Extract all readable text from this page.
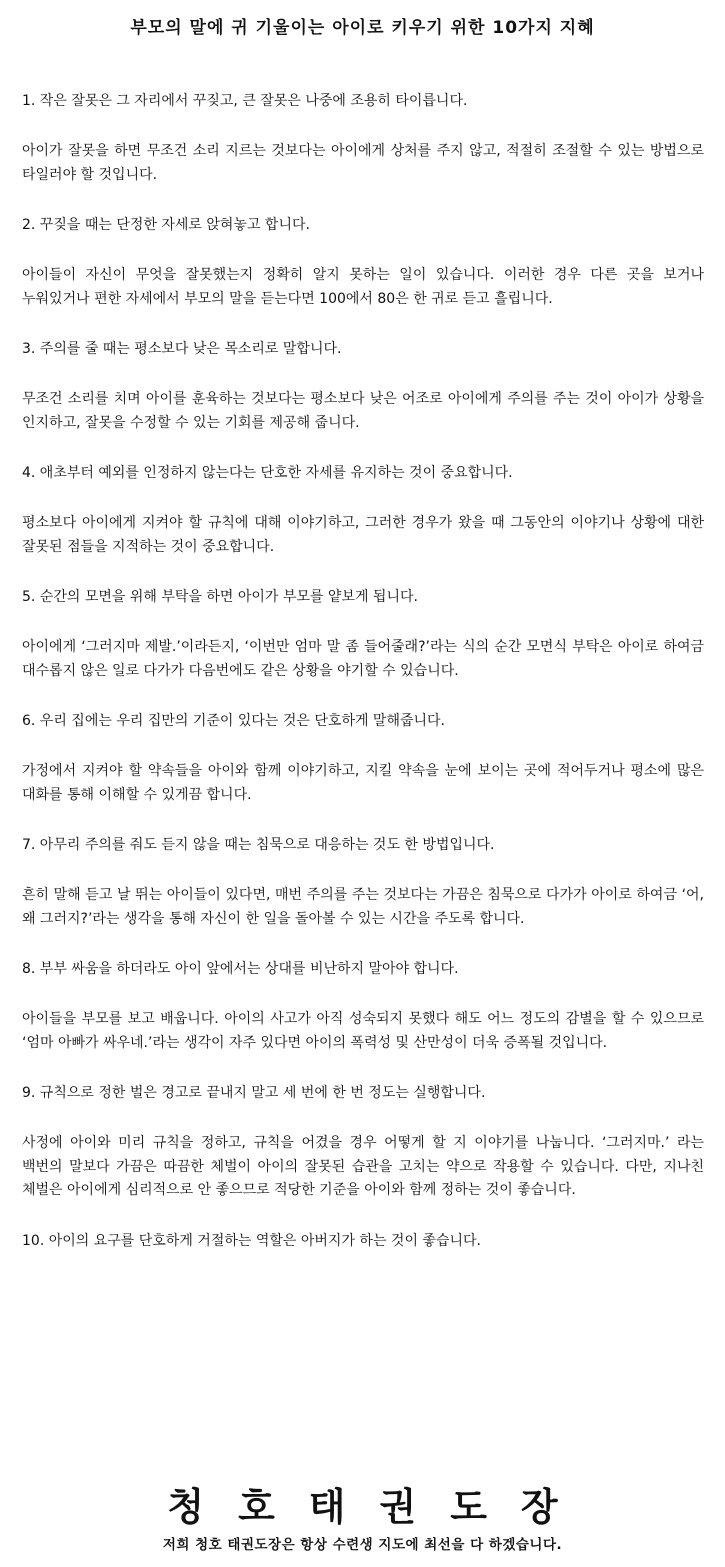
부모의 말에 귀 기울이는 아이로 키우기 위한 10가지 지혜

1. 작은 잘못은 그 자리에서 꾸짖고, 큰 잘못은 나중에 조용히 타이릅니다.

아이가 잘못을 하면 무조건 소리 지르는 것보다는 아이에게 상처를 주지 않고, 적절히 조절할 수 있는 방법으로 타일러야 할 것입니다.

2. 꾸짖을 때는 단정한 자세로 앉혀놓고 합니다.

아이들이 자신이 무엇을 잘못했는지 정확히 알지 못하는 일이 있습니다. 이러한 경우 다른 곳을 보거나 누워있거나 편한 자세에서 부모의 말을 듣는다면 100에서 80은 한 귀로 듣고 흘립니다.

3. 주의를 줄 때는 평소보다 낮은 목소리로 말합니다.

무조건 소리를 치며 아이를 훈육하는 것보다는 평소보다 낮은 어조로 아이에게 주의를 주는 것이 아이가 상황을 인지하고, 잘못을 수정할 수 있는 기회를 제공해 줍니다.

4. 애초부터 예외를 인정하지 않는다는 단호한 자세를 유지하는 것이 중요합니다.

평소보다 아이에게 지켜야 할 규칙에 대해 이야기하고, 그러한 경우가 왔을 때 그동안의 이야기나 상황에 대한 잘못된 점들을 지적하는 것이 중요합니다.

5. 순간의 모면을 위해 부탁을 하면 아이가 부모를 얕보게 됩니다.

아이에게 ‘그러지마 제발.’이라든지, ‘이번만 엄마 말 좀 들어줄래?’라는 식의 순간 모면식 부탁은 아이로 하여금 대수롭지 않은 일로 다가가 다음번에도 같은 상황을 야기할 수 있습니다.

6. 우리 집에는 우리 집만의 기준이 있다는 것은 단호하게 말해줍니다.

가정에서 지켜야 할 약속들을 아이와 함께 이야기하고, 지킬 약속을 눈에 보이는 곳에 적어두거나 평소에 많은 대화를 통해 이해할 수 있게끔 합니다.

7. 아무리 주의를 줘도 듣지 않을 때는 침묵으로 대응하는 것도 한 방법입니다.

흔히 말해 듣고 날 뛰는 아이들이 있다면, 매번 주의를 주는 것보다는 가끔은 침묵으로 다가가 아이로 하여금 ‘어, 왜 그러지?’라는 생각을 통해 자신이 한 일을 돌아볼 수 있는 시간을 주도록 합니다.

8. 부부 싸움을 하더라도 아이 앞에서는 상대를 비난하지 말아야 합니다.

아이들을 부모를 보고 배웁니다. 아이의 사고가 아직 성숙되지 못했다 해도 어느 정도의 감별을 할 수 있으므로 ‘엄마 아빠가 싸우네.’라는 생각이 자주 있다면 아이의 폭력성 및 산만성이 더욱 증폭될 것입니다.

9. 규칙으로 정한 벌은 경고로 끝내지 말고 세 번에 한 번 정도는 실행합니다.

사정에 아이와 미리 규칙을 정하고, 규칙을 어겼을 경우 어떻게 할 지 이야기를 나눕니다. ‘그러지마.’ 라는 백번의 말보다 가끔은 따끔한 체벌이 아이의 잘못된 습관을 고치는 약으로 작용할 수 있습니다. 다만, 지나친 체벌은 아이에게 심리적으로 안 좋으므로 적당한 기준을 아이와 함께 정하는 것이 좋습니다.

10. 아이의 요구를 단호하게 거절하는 역할은 아버지가 하는 것이 좋습니다.

청호태권도장

저희 청호 태권도장은 항상 수련생 지도에 최선을 다 하겠습니다.
